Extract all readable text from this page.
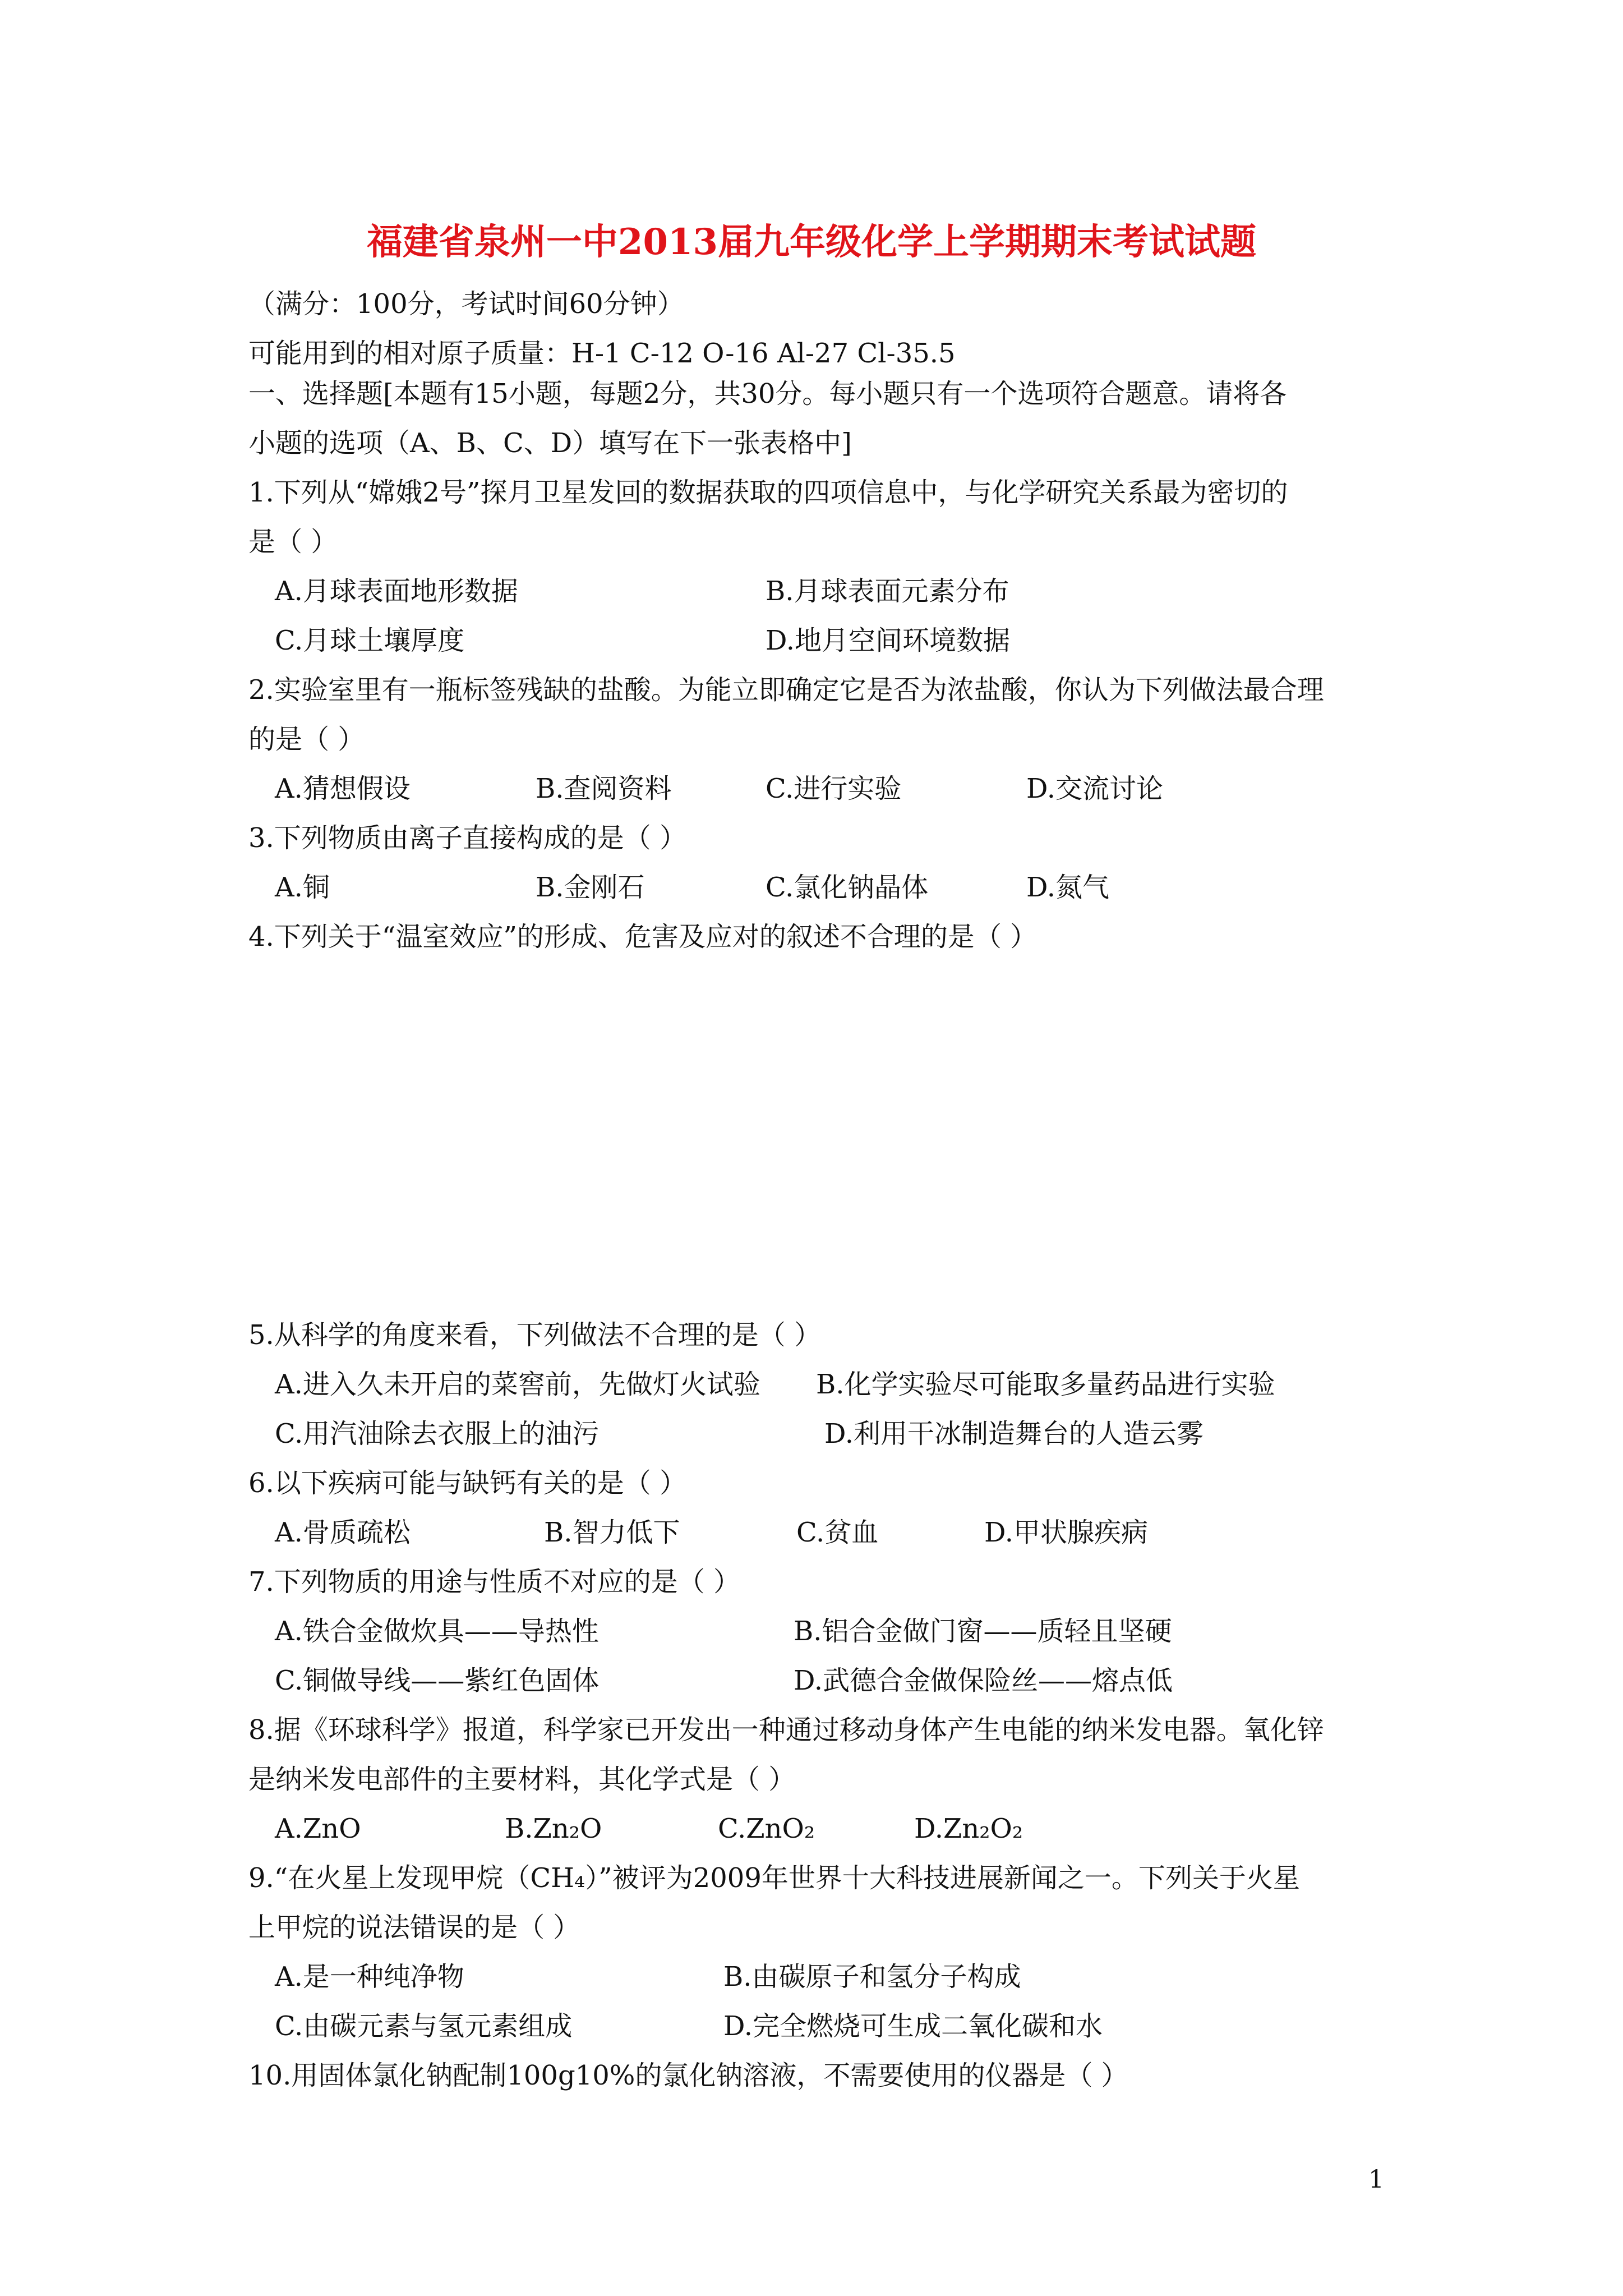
福建省泉州一中2013届九年级化学上学期期末考试试题
（满分：100分，考试时间60分钟）
可能用到的相对原子质量：H-1 C-12 O-16 Al-27 Cl-35.5
一、选择题[本题有15小题，每题2分，共30分。每小题只有一个选项符合题意。请将各
小题的选项（A、B、C、D）填写在下一张表格中]
1.下列从“嫦娥2号”探月卫星发回的数据获取的四项信息中，与化学研究关系最为密切的
是（ ）
A.月球表面地形数据	B.月球表面元素分布
C.月球土壤厚度	D.地月空间环境数据
2.实验室里有一瓶标签残缺的盐酸。为能立即确定它是否为浓盐酸，你认为下列做法最合理
的是（ ）
A.猜想假设	B.查阅资料	C.进行实验	D.交流讨论
3.下列物质由离子直接构成的是（ ）
A.铜	B.金刚石	C.氯化钠晶体	D.氮气
4.下列关于“温室效应”的形成、危害及应对的叙述不合理的是（ ）
5.从科学的角度来看，下列做法不合理的是（ ）
A.进入久未开启的菜窖前，先做灯火试验 B.化学实验尽可能取多量药品进行实验
C.用汽油除去衣服上的油污	D.利用干冰制造舞台的人造云雾
6.以下疾病可能与缺钙有关的是（ ）
A.骨质疏松	B.智力低下	C.贫血	D.甲状腺疾病
7.下列物质的用途与性质不对应的是（ ）
A.铁合金做炊具——导热性	B.铝合金做门窗——质轻且坚硬
C.铜做导线——紫红色固体	D.武德合金做保险丝——熔点低
8.据《环球科学》报道，科学家已开发出一种通过移动身体产生电能的纳米发电器。氧化锌
是纳米发电部件的主要材料，其化学式是（ ）
A.ZnO	B.Zn₂O	C.ZnO₂	D.Zn₂O₂
9.“在火星上发现甲烷（CH₄）”被评为2009年世界十大科技进展新闻之一。下列关于火星
上甲烷的说法错误的是（ ）
A.是一种纯净物	B.由碳原子和氢分子构成
C.由碳元素与氢元素组成	D.完全燃烧可生成二氧化碳和水
10.用固体氯化钠配制100g10%的氯化钠溶液，不需要使用的仪器是（ ）
1
